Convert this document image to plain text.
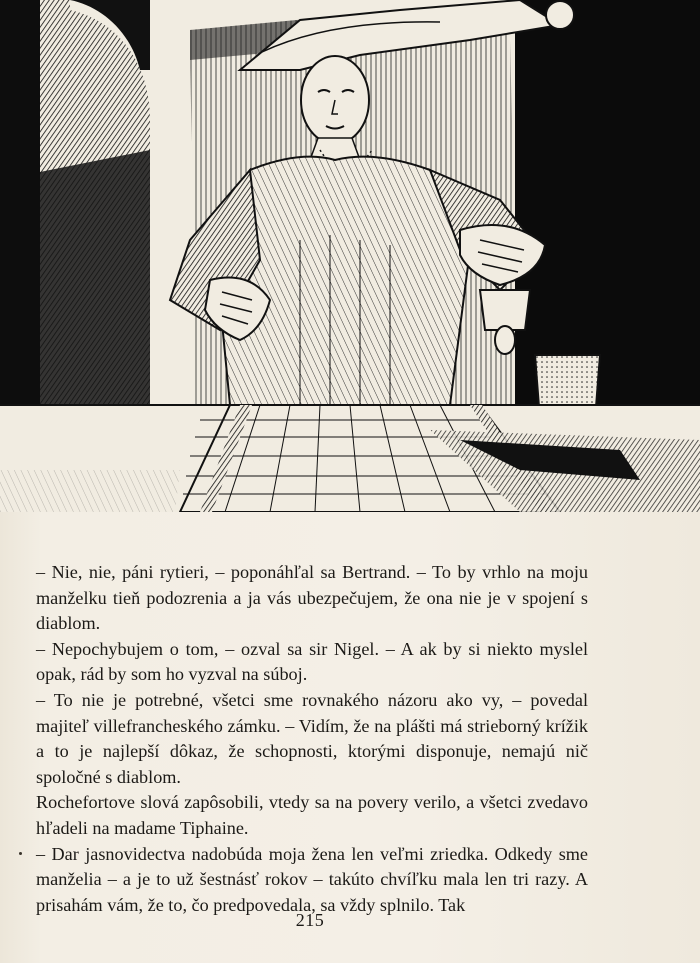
– Nie, nie, páni rytieri, – poponáhľal sa Bertrand. – To by vrhlo na moju manželku tieň podozrenia a ja vás ubezpečujem, že ona nie je v spojení s diablom.

– Nepochybujem o tom, – ozval sa sir Nigel. – A ak by si niekto myslel opak, rád by som ho vyzval na súboj.

– To nie je potrebné, všetci sme rovnakého názoru ako vy, – povedal majiteľ villefrancheského zámku. – Vidím, že na plášti má strieborný krížik a to je najlepší dôkaz, že schopnosti, ktorými disponuje, nemajú nič spoločné s diablom.

Rochefortove slová zapôsobili, vtedy sa na povery verilo, a všetci zvedavo hľadeli na madame Tiphaine.

– Dar jasnovidectva nadobúda moja žena len veľmi zriedka. Odkedy sme manželia – a je to už šestnásť rokov – takúto chvíľku mala len tri razy. A prisahám vám, že to, čo predpovedala, sa vždy splnilo. Tak

215
